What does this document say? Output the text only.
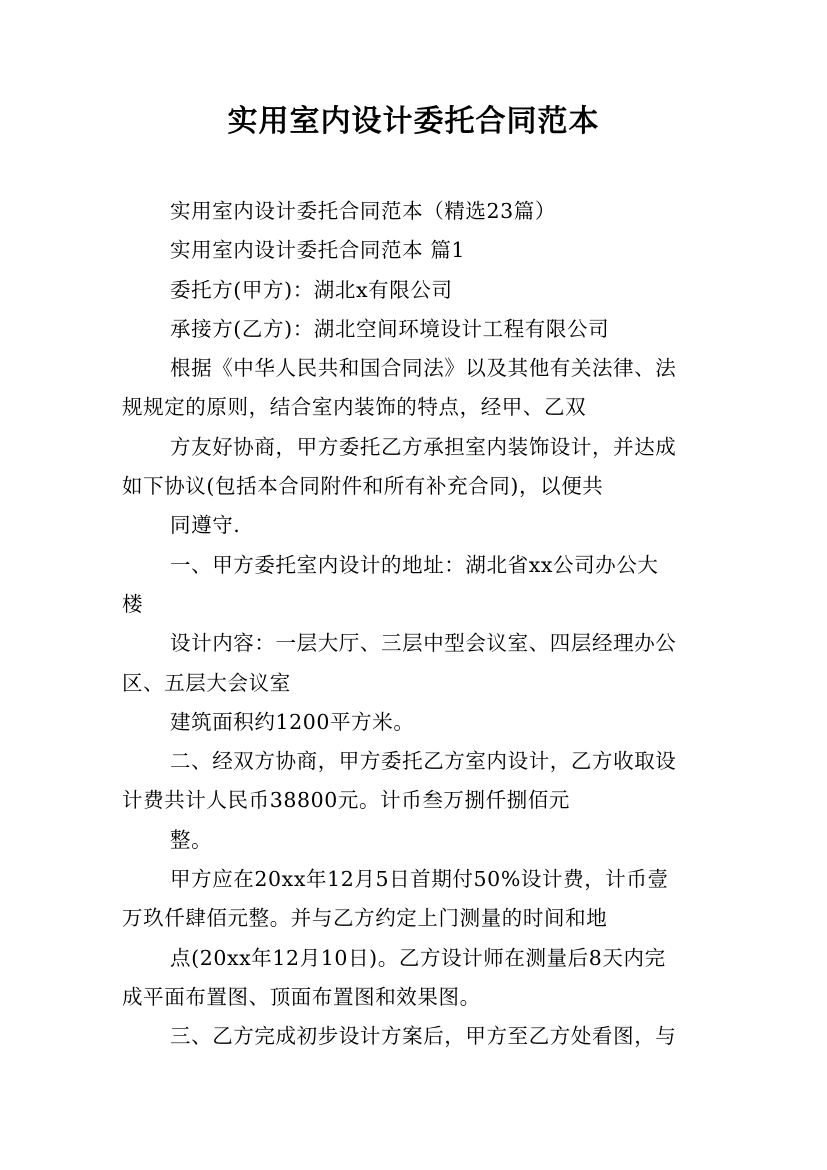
实用室内设计委托合同范本

实用室内设计委托合同范本（精选23篇）

实用室内设计委托合同范本 篇1

委托方(甲方)：湖北x有限公司

承接方(乙方)：湖北空间环境设计工程有限公司

根据《中华人民共和国合同法》以及其他有关法律、法

规规定的原则，结合室内装饰的特点，经甲、乙双

方友好协商，甲方委托乙方承担室内装饰设计，并达成

如下协议(包括本合同附件和所有补充合同)，以便共

同遵守.

一、甲方委托室内设计的地址：湖北省xx公司办公大

楼

设计内容：一层大厅、三层中型会议室、四层经理办公

区、五层大会议室

建筑面积约1200平方米。

二、经双方协商，甲方委托乙方室内设计，乙方收取设

计费共计人民币38800元。计币叁万捌仟捌佰元

整。

甲方应在20xx年12月5日首期付50%设计费，计币壹

万玖仟肆佰元整。并与乙方约定上门测量的时间和地

点(20xx年12月10日)。乙方设计师在测量后8天内完

成平面布置图、顶面布置图和效果图。

三、乙方完成初步设计方案后，甲方至乙方处看图，与
